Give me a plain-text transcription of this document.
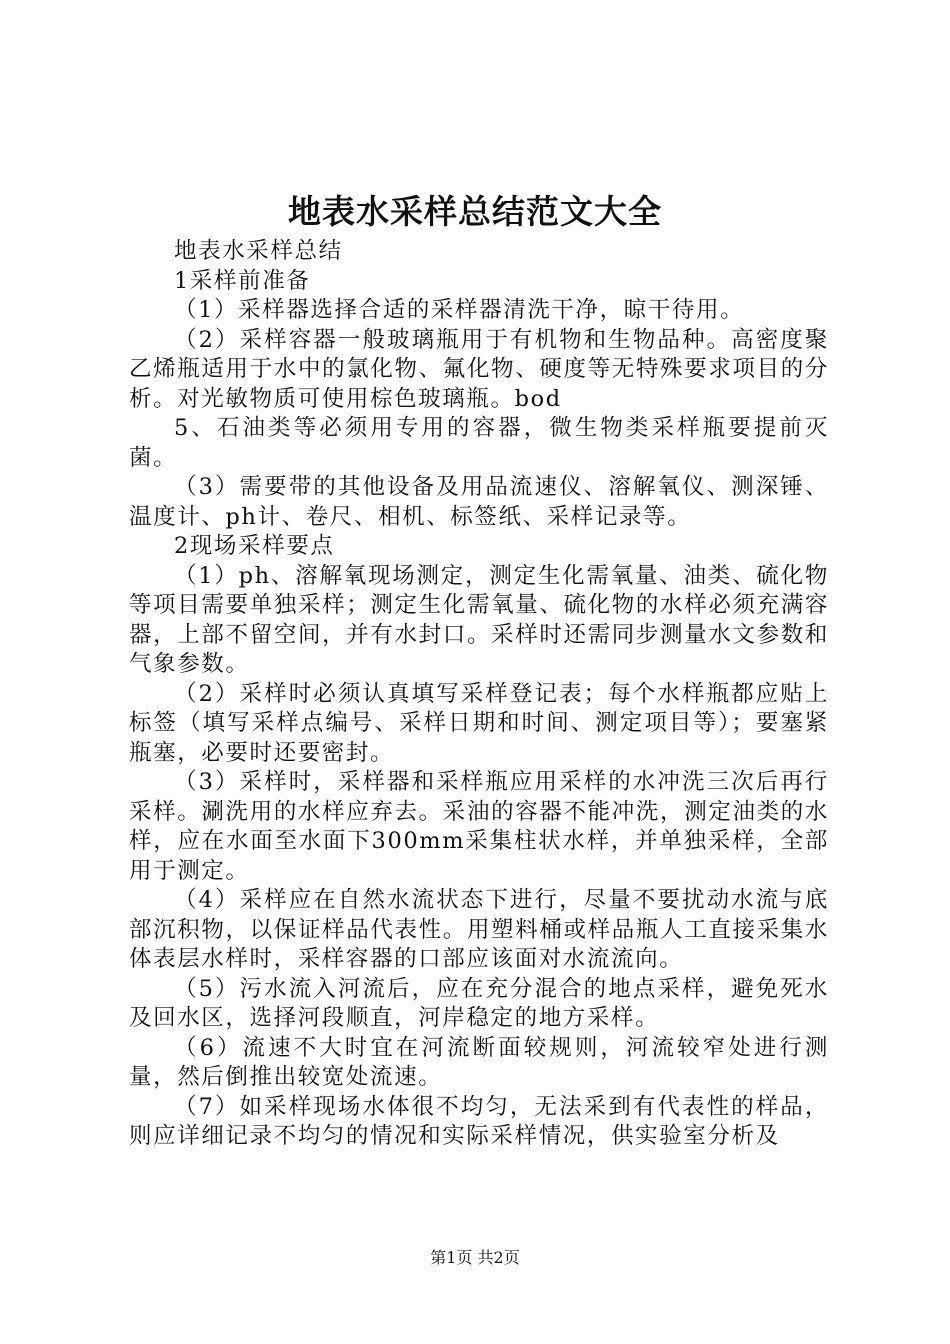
地表水采样总结范文大全

地表水采样总结

1采样前准备

（1）采样器选择合适的采样器清洗干净，晾干待用。

（2）采样容器一般玻璃瓶用于有机物和生物品种。高密度聚乙烯瓶适用于水中的氯化物、氟化物、硬度等无特殊要求项目的分析。对光敏物质可使用棕色玻璃瓶。bod

5、石油类等必须用专用的容器，微生物类采样瓶要提前灭菌。

（3）需要带的其他设备及用品流速仪、溶解氧仪、测深锤、温度计、ph计、卷尺、相机、标签纸、采样记录等。

2现场采样要点

（1）ph、溶解氧现场测定，测定生化需氧量、油类、硫化物等项目需要单独采样；测定生化需氧量、硫化物的水样必须充满容器，上部不留空间，并有水封口。采样时还需同步测量水文参数和气象参数。

（2）采样时必须认真填写采样登记表；每个水样瓶都应贴上标签（填写采样点编号、采样日期和时间、测定项目等）；要塞紧瓶塞，必要时还要密封。

（3）采样时，采样器和采样瓶应用采样的水冲洗三次后再行采样。涮洗用的水样应弃去。采油的容器不能冲洗，测定油类的水样，应在水面至水面下300mm采集柱状水样，并单独采样，全部用于测定。

（4）采样应在自然水流状态下进行，尽量不要扰动水流与底部沉积物，以保证样品代表性。用塑料桶或样品瓶人工直接采集水体表层水样时，采样容器的口部应该面对水流流向。

（5）污水流入河流后，应在充分混合的地点采样，避免死水及回水区，选择河段顺直，河岸稳定的地方采样。

（6）流速不大时宜在河流断面较规则，河流较窄处进行测量，然后倒推出较宽处流速。

（7）如采样现场水体很不均匀，无法采到有代表性的样品，则应详细记录不均匀的情况和实际采样情况，供实验室分析及

第1页 共2页
